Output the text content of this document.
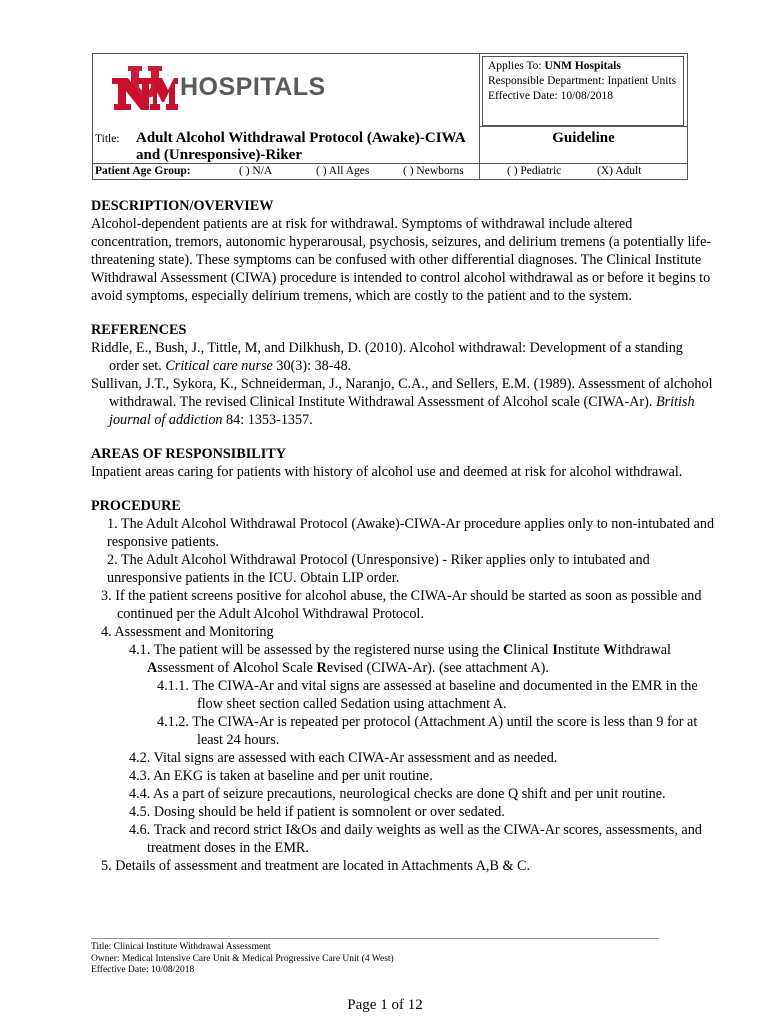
HOSPITALS
Applies To: UNM Hospitals
Responsible Department: Inpatient Units
Effective Date: 10/08/2018
Guideline
Title: Adult Alcohol Withdrawal Protocol (Awake)-CIWA and (Unresponsive)-Riker
Patient Age Group:	( ) N/A	( ) All Ages	( ) Newborns	( ) Pediatric	(X) Adult
DESCRIPTION/OVERVIEW

Alcohol-dependent patients are at risk for withdrawal. Symptoms of withdrawal include altered concentration, tremors, autonomic hyperarousal, psychosis, seizures, and delirium tremens (a potentially life-threatening state). These symptoms can be confused with other differential diagnoses. The Clinical Institute Withdrawal Assessment (CIWA) procedure is intended to control alcohol withdrawal as or before it begins to avoid symptoms, especially delirium tremens, which are costly to the patient and to the system.

REFERENCES

Riddle, E., Bush, J., Tittle, M, and Dilkhush, D. (2010). Alcohol withdrawal: Development of a standing order set. Critical care nurse 30(3): 38-48.

Sullivan, J.T., Sykora, K., Schneiderman, J., Naranjo, C.A., and Sellers, E.M. (1989). Assessment of alchohol withdrawal. The revised Clinical Institute Withdrawal Assessment of Alcohol scale (CIWA-Ar). British journal of addiction 84: 1353-1357.

AREAS OF RESPONSIBILITY

Inpatient areas caring for patients with history of alcohol use and deemed at risk for alcohol withdrawal.

PROCEDURE

1. The Adult Alcohol Withdrawal Protocol (Awake)-CIWA-Ar procedure applies only to non-intubated and responsive patients.

2. The Adult Alcohol Withdrawal Protocol (Unresponsive) - Riker applies only to intubated and unresponsive patients in the ICU. Obtain LIP order.

3. If the patient screens positive for alcohol abuse, the CIWA-Ar should be started as soon as possible and continued per the Adult Alcohol Withdrawal Protocol.

4. Assessment and Monitoring

4.1. The patient will be assessed by the registered nurse using the Clinical Institute Withdrawal Assessment of Alcohol Scale Revised (CIWA-Ar). (see attachment A).

4.1.1. The CIWA-Ar and vital signs are assessed at baseline and documented in the EMR in the flow sheet section called Sedation using attachment A.

4.1.2. The CIWA-Ar is repeated per protocol (Attachment A) until the score is less than 9 for at least 24 hours.

4.2. Vital signs are assessed with each CIWA-Ar assessment and as needed.

4.3. An EKG is taken at baseline and per unit routine.

4.4. As a part of seizure precautions, neurological checks are done Q shift and per unit routine.

4.5. Dosing should be held if patient is somnolent or over sedated.

4.6. Track and record strict I&Os and daily weights as well as the CIWA-Ar scores, assessments, and treatment doses in the EMR.

5. Details of assessment and treatment are located in Attachments A,B & C.

Title: Clinical Institute Withdrawal Assessment
Owner: Medical Intensive Care Unit & Medical Progressive Care Unit (4 West)
Effective Date: 10/08/2018
Page 1 of 12
